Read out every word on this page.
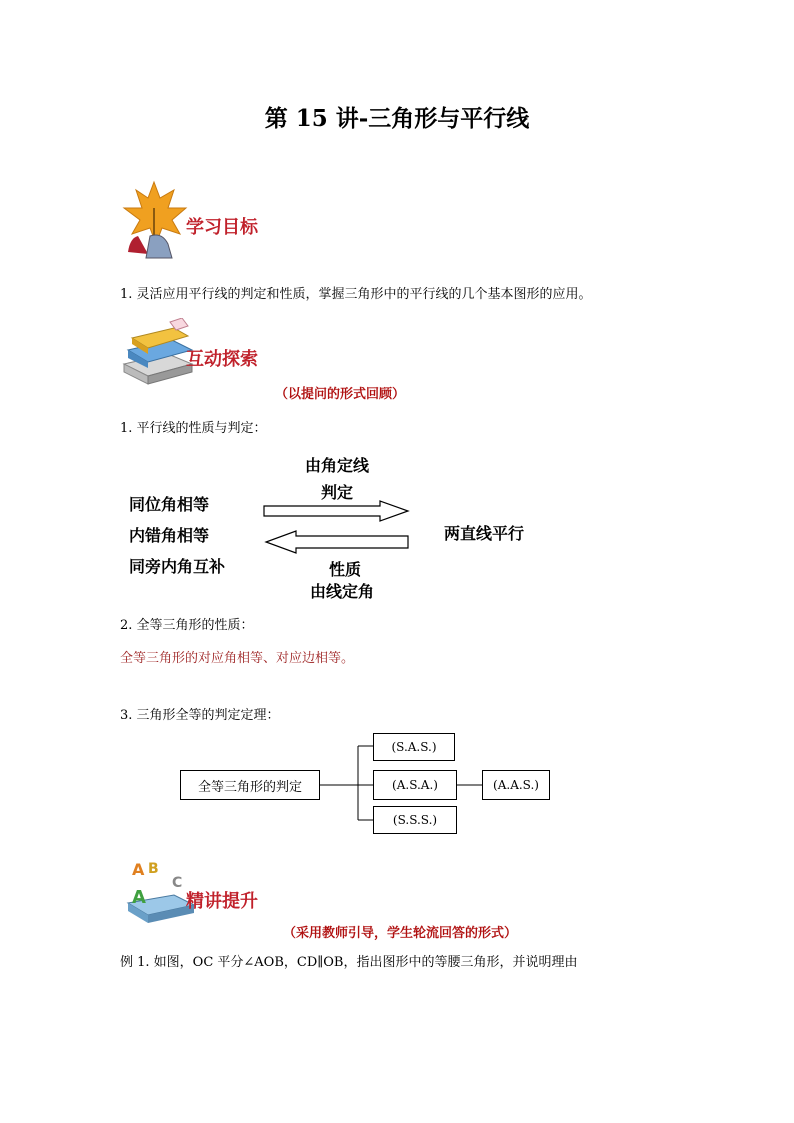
第 15 讲-三角形与平行线
学习目标
1. 灵活应用平行线的判定和性质，掌握三角形中的平行线的几个基本图形的应用。
互动探索
（以提问的形式回顾）
1. 平行线的性质与判定：
由角定线
判定
同位角相等
内错角相等
同旁内角互补
两直线平行
性质
由线定角
2. 全等三角形的性质：
全等三角形的对应角相等、对应边相等。
3. 三角形全等的判定定理：
全等三角形的判定
(S.A.S.)
(A.S.A.)
(S.S.S.)
(A.A.S.)
A B
C
A 精讲提升
（采用教师引导，学生轮流回答的形式）
例 1. 如图，OC 平分∠AOB，CD∥OB，指出图形中的等腰三角形，并说明理由
